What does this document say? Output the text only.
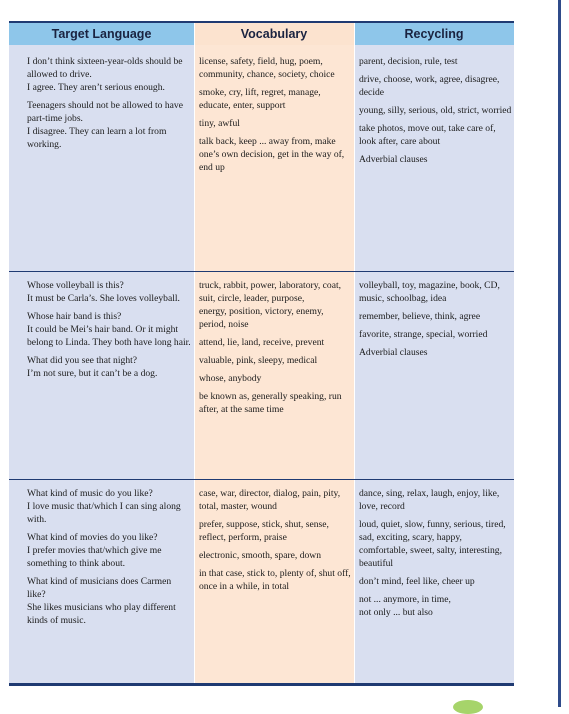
Target Language	Vocabulary	Recycling
I don’t think sixteen-year-olds should be allowed to drive.

I agree. They aren’t serious enough.

Teenagers should not be allowed to have part-time jobs.

I disagree. They can learn a lot from working.

license, safety, field, hug, poem, community, chance, society, choice

smoke, cry, lift, regret, manage, educate, enter, support

tiny, awful

talk back, keep ... away from, make one’s own decision, get in the way of, end up

parent, decision, rule, test

drive, choose, work, agree, disagree, decide

young, silly, serious, old, strict, worried

take photos, move out, take care of, look after, care about

Adverbial clauses

Whose volleyball is this?

It must be Carla’s. She loves volleyball.

Whose hair band is this?

It could be Mei’s hair band. Or it might belong to Linda. They both have long hair.

What did you see that night?

I’m not sure, but it can’t be a dog.

truck, rabbit, power, laboratory, coat, suit, circle, leader, purpose,

energy, position, victory, enemy, period, noise

attend, lie, land, receive, prevent

valuable, pink, sleepy, medical

whose, anybody

be known as, generally speaking, run after, at the same time

volleyball, toy, magazine, book, CD, music, schoolbag, idea

remember, believe, think, agree

favorite, strange, special, worried

Adverbial clauses

What kind of music do you like?

I love music that/which I can sing along with.

What kind of movies do you like?

I prefer movies that/which give me something to think about.

What kind of musicians does Carmen like?

She likes musicians who play different kinds of music.

case, war, director, dialog, pain, pity, total, master, wound

prefer, suppose, stick, shut, sense, reflect, perform, praise

electronic, smooth, spare, down

in that case, stick to, plenty of, shut off, once in a while, in total

dance, sing, relax, laugh, enjoy, like, love, record

loud, quiet, slow, funny, serious, tired, sad, exciting, scary, happy, comfortable, sweet, salty, interesting, beautiful

don’t mind, feel like, cheer up

not ... anymore, in time,

not only ... but also
